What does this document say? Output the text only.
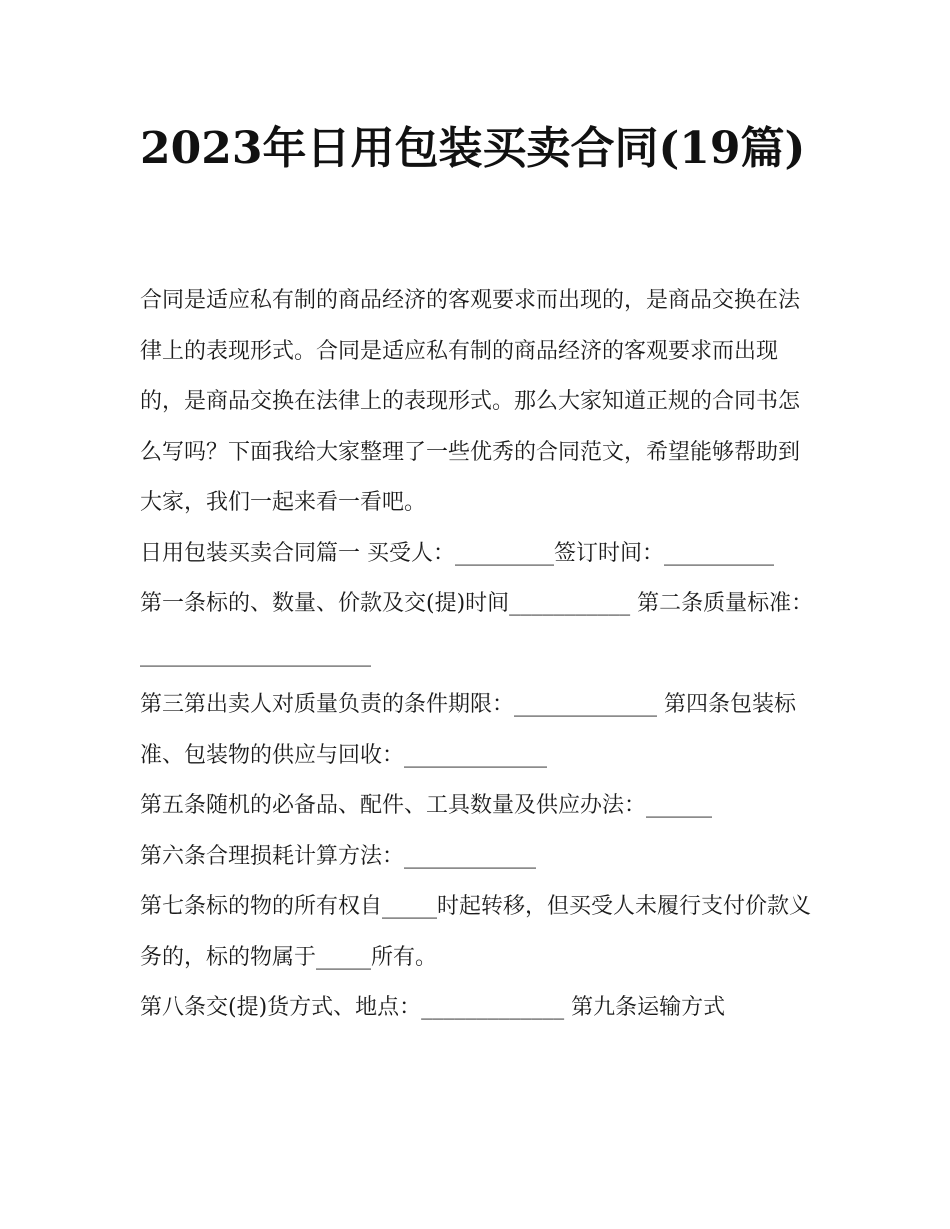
2023年日用包装买卖合同(19篇)

合同是适应私有制的商品经济的客观要求而出现的，是商品交换在法律上的表现形式。合同是适应私有制的商品经济的客观要求而出现的，是商品交换在法律上的表现形式。那么大家知道正规的合同书怎么写吗？下面我给大家整理了一些优秀的合同范文，希望能够帮助到大家，我们一起来看一看吧。

日用包装买卖合同篇一 买受人：_________签订时间：__________

第一条标的、数量、价款及交(提)时间___________ 第二条质量标准：_____________________

第三第出卖人对质量负责的条件期限：_____________ 第四条包装标准、包装物的供应与回收：_____________

第五条随机的必备品、配件、工具数量及供应办法：______

第六条合理损耗计算方法：____________

第七条标的物的所有权自_____时起转移，但买受人未履行支付价款义务的，标的物属于_____所有。

第八条交(提)货方式、地点：_____________ 第九条运输方式
